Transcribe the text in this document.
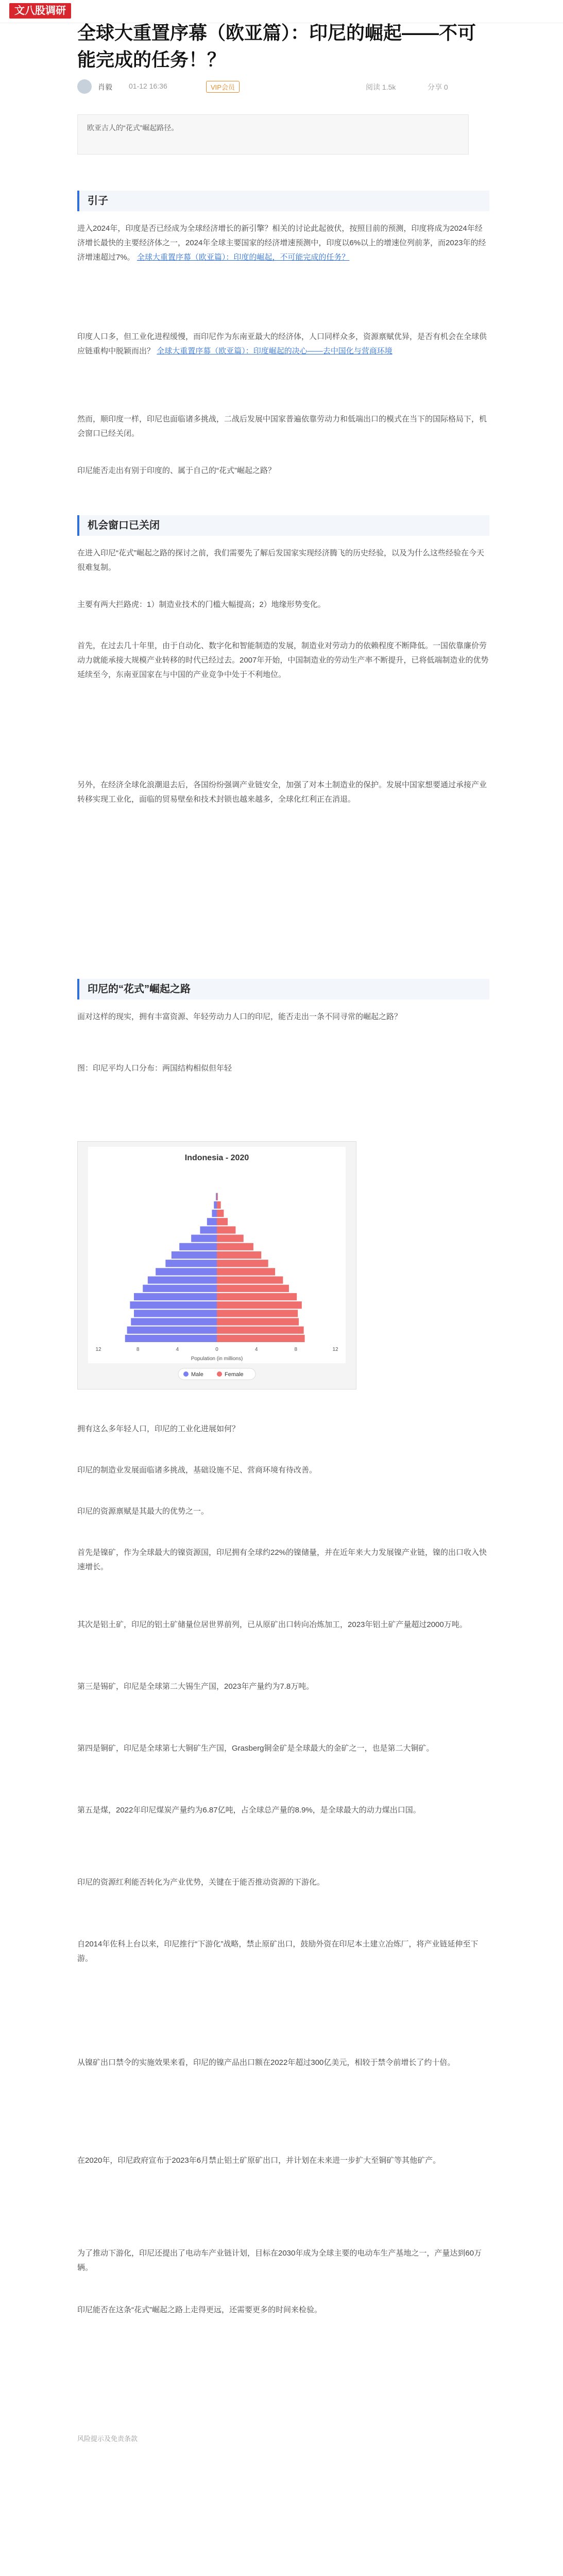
文八股调研
全球大重置序幕（欧亚篇）：印尼的崛起——不可能完成的任务！？
肖毅 01-12 16:36	VIP会员	阅读 1.5k	分享 0
欧亚古人的“花式”崛起路径。
引子

进入2024年，印度是否已经成为全球经济增长的新引擎？相关的讨论此起彼伏，按照目前的预测，印度将成为2024年经济增长最快的主要经济体之一，2024年全球主要国家的经济增速预测中，印度以6%以上的增速位列前茅，而2023年的经济增速超过7%。 全球大重置序幕（欧亚篇）：印度的崛起，不可能完成的任务？

印度人口多，但工业化进程缓慢，而印尼作为东南亚最大的经济体，人口同样众多，资源禀赋优异，是否有机会在全球供应链重构中脱颖而出？ 全球大重置序幕（欧亚篇）：印度崛起的决心——去中国化与营商环境

然而，顺印度一样，印尼也面临诸多挑战，二战后发展中国家普遍依靠劳动力和低端出口的模式在当下的国际格局下，机会窗口已经关闭。

印尼能否走出有别于印度的、属于自己的“花式”崛起之路？

机会窗口已关闭

在进入印尼“花式”崛起之路的探讨之前，我们需要先了解后发国家实现经济腾飞的历史经验，以及为什么这些经验在今天很难复制。

主要有两大拦路虎：1）制造业技术的门槛大幅提高；2）地缘形势变化。

首先，在过去几十年里，由于自动化、数字化和智能制造的发展，制造业对劳动力的依赖程度不断降低。一国依靠廉价劳动力就能承接大规模产业转移的时代已经过去。2007年开始，中国制造业的劳动生产率不断提升，已将低端制造业的优势延续至今，东南亚国家在与中国的产业竞争中处于不利地位。

另外，在经济全球化浪潮退去后，各国纷纷强调产业链安全，加强了对本土制造业的保护。发展中国家想要通过承接产业转移实现工业化，面临的贸易壁垒和技术封锁也越来越多，全球化红利正在消退。

印尼的“花式”崛起之路

面对这样的现实，拥有丰富资源、年轻劳动力人口的印尼，能否走出一条不同寻常的崛起之路？

图：印尼平均人口分布：两国结构相似但年轻

Indonesia - 2020
12	8	4	0	4	8	12
Population (in millions)
Male	Female

拥有这么多年轻人口，印尼的工业化进展如何？

印尼的制造业发展面临诸多挑战，基础设施不足、营商环境有待改善。

印尼的资源禀赋是其最大的优势之一。

首先是镍矿，作为全球最大的镍资源国，印尼拥有全球约22%的镍储量，并在近年来大力发展镍产业链，镍的出口收入快速增长。

其次是铝土矿，印尼的铝土矿储量位居世界前列，已从原矿出口转向冶炼加工，2023年铝土矿产量超过2000万吨。

第三是锡矿，印尼是全球第二大锡生产国，2023年产量约为7.8万吨。

第四是铜矿，印尼是全球第七大铜矿生产国，Grasberg铜金矿是全球最大的金矿之一，也是第二大铜矿。

第五是煤，2022年印尼煤炭产量约为6.87亿吨，占全球总产量的8.9%，是全球最大的动力煤出口国。

印尼的资源红利能否转化为产业优势，关键在于能否推动资源的下游化。

自2014年佐科上台以来，印尼推行“下游化”战略，禁止原矿出口，鼓励外资在印尼本土建立冶炼厂，将产业链延伸至下游。

从镍矿出口禁令的实施效果来看，印尼的镍产品出口额在2022年超过300亿美元，相较于禁令前增长了约十倍。

在2020年，印尼政府宣布于2023年6月禁止铝土矿原矿出口，并计划在未来进一步扩大至铜矿等其他矿产。

为了推动下游化，印尼还提出了电动车产业链计划，目标在2030年成为全球主要的电动车生产基地之一，产量达到60万辆。

印尼能否在这条“花式”崛起之路上走得更远，还需要更多的时间来检验。

风险提示及免责条款
